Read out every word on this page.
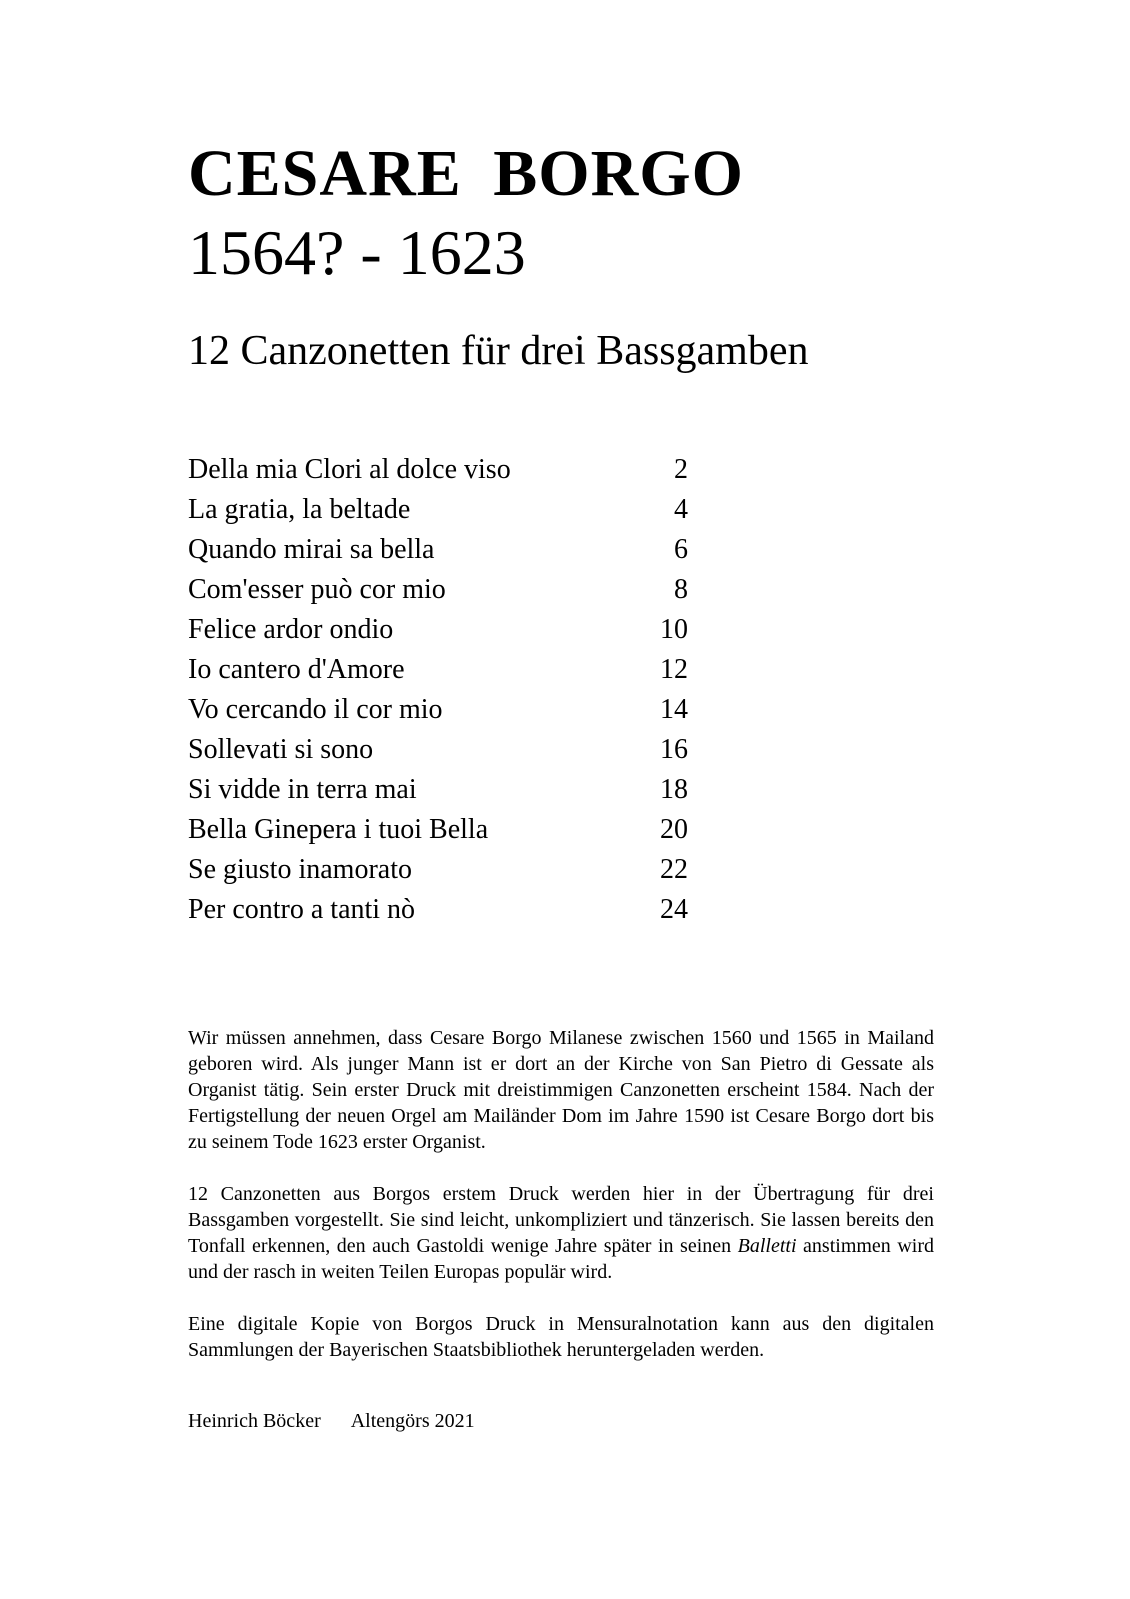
CESARE BORGO
1564? - 1623
12 Canzonetten für drei Bassgamben
Della mia Clori al dolce viso	2
La gratia, la beltade	4
Quando mirai sa bella	6
Com'esser può cor mio	8
Felice ardor ondio	10
Io cantero d'Amore	12
Vo cercando il cor mio	14
Sollevati si sono	16
Si vidde in terra mai	18
Bella Ginepera i tuoi Bella	20
Se giusto inamorato	22
Per contro a tanti nò	24

Wir müssen annehmen, dass Cesare Borgo Milanese zwischen 1560 und 1565 in Mailand geboren wird. Als junger Mann ist er dort an der Kirche von San Pietro di Gessate als Organist tätig. Sein erster Druck mit dreistimmigen Canzonetten erscheint 1584. Nach der Fertigstellung der neuen Orgel am Mailänder Dom im Jahre 1590 ist Cesare Borgo dort bis zu seinem Tode 1623 erster Organist.

12 Canzonetten aus Borgos erstem Druck werden hier in der Übertragung für drei Bassgamben vorgestellt. Sie sind leicht, unkompliziert und tänzerisch. Sie lassen bereits den Tonfall erkennen, den auch Gastoldi wenige Jahre später in seinen Balletti anstimmen wird und der rasch in weiten Teilen Europas populär wird.

Eine digitale Kopie von Borgos Druck in Mensuralnotation kann aus den digitalen Sammlungen der Bayerischen Staatsbibliothek heruntergeladen werden.

Heinrich Böcker Altengörs 2021
